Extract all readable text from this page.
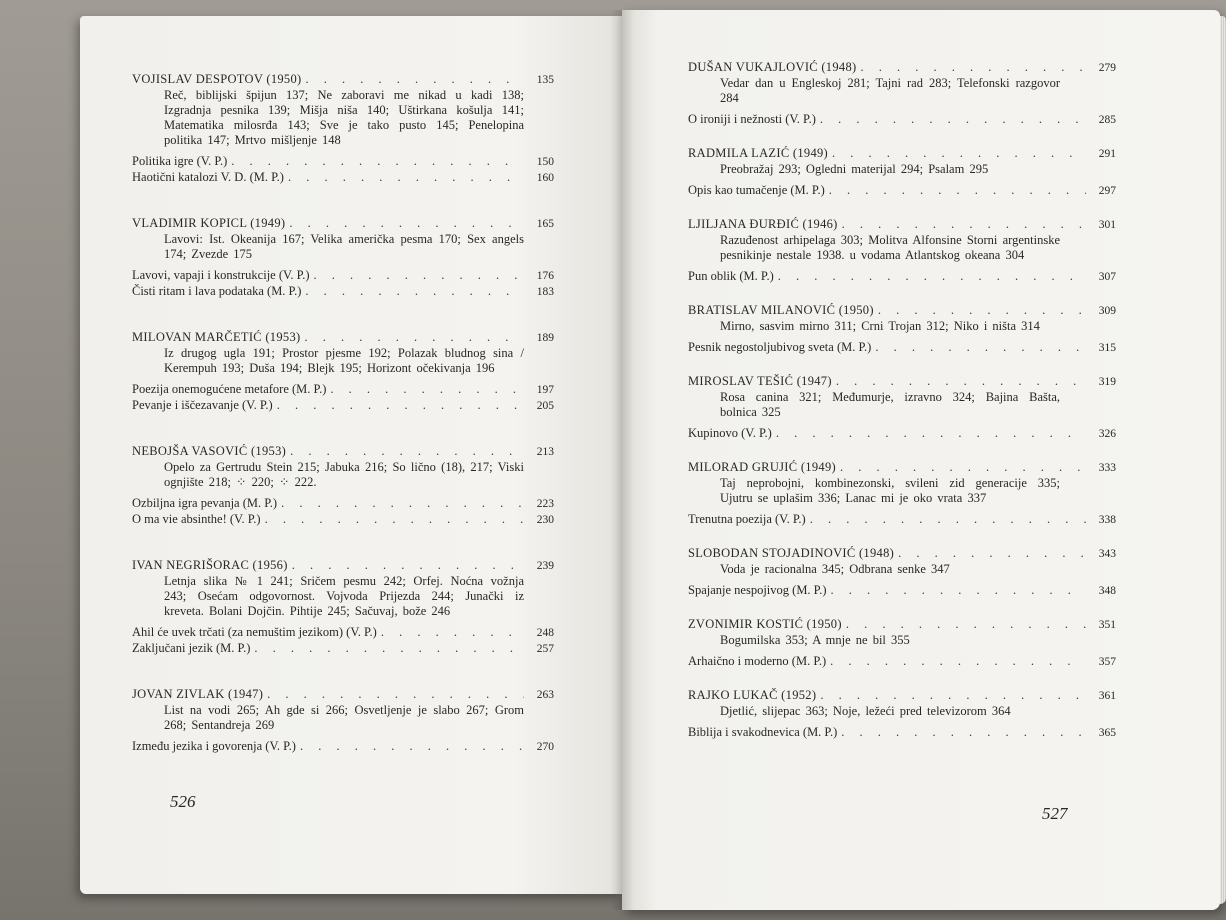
VOJISLAV DESPOTOV (1950) . . .	135
Reč, biblijski špijun 137; Ne zaboravi me nikad u kadi 138; Izgradnja pesnika 139; Mišja niša 140; Uštirkana košulja 141; Matematika milosrđa 143; Sve je tako pusto 145; Penelopina politika 147; Mrtvo mišljenje 148
Politika igre (V. P.) . . .	150
Haotični katalozi V. D. (M. P.) . . .	160
VLADIMIR KOPICL (1949) . . .	165
Lavovi: Ist. Okeanija 167; Velika američka pesma 170; Sex angels 174; Zvezde 175
Lavovi, vapaji i konstrukcije (V. P.) . . .	176
Čisti ritam i lava podataka (M. P.) . . .	183
MILOVAN MARČETIĆ (1953) . . .	189
Iz drugog ugla 191; Prostor pjesme 192; Polazak bludnog sina / Kerempuh 193; Duša 194; Blejk 195; Horizont očekivanja 196
Poezija onemogućene metafore (M. P.) . . .	197
Pevanje i iščezavanje (V. P.) . . .	205
NEBOJŠA VASOVIĆ (1953) . . .	213
Opelo za Gertrudu Stein 215; Jabuka 216; So lično (18), 217; Viski ognjište 218; ⁘ 220; ⁘ 222.
Ozbiljna igra pevanja (M. P.) . . .	223
O ma vie absinthe! (V. P.) . . .	230
IVAN NEGRIŠORAC (1956) . . .	239
Letnja slika № 1 241; Sričem pesmu 242; Orfej. Noćna vožnja 243; Osećam odgovornost. Vojvoda Prijezda 244; Junački iz kreveta. Bolani Dojčin. Pihtije 245; Sačuvaj, bože 246
Ahil će uvek trčati (za nemuštim jezikom) (V. P.) . . .	248
Zaključani jezik (M. P.) . . .	257
JOVAN ZIVLAK (1947) . . .	263
List na vodi 265; Ah gde si 266; Osvetljenje je slabo 267; Grom 268; Sentandreja 269
Između jezika i govorenja (V. P.) . . .	270
526
DUŠAN VUKAJLOVIĆ (1948) . . .	279
Vedar dan u Engleskoj 281; Tajni rad 283; Telefonski razgovor 284
O ironiji i nežnosti (V. P.) . . .	285
RADMILA LAZIĆ (1949) . . .	291
Preobražaj 293; Ogledni materijal 294; Psalam 295
Opis kao tumačenje (M. P.) . . .	297
LJILJANA ĐURĐIĆ (1946) . . .	301
Razuđenost arhipelaga 303; Molitva Alfonsine Storni argentinske pesnikinje nestale 1938. u vodama Atlantskog okeana 304
Pun oblik (M. P.) . . .	307
BRATISLAV MILANOVIĆ (1950) . . .	309
Mirno, sasvim mirno 311; Crni Trojan 312; Niko i ništa 314
Pesnik negostoljubivog sveta (M. P.) . . .	315
MIROSLAV TEŠIĆ (1947) . . .	319
Rosa canina 321; Međumurje, izravno 324; Bajina Bašta, bolnica 325
Kupinovo (V. P.) . . .	326
MILORAD GRUJIĆ (1949) . . .	333
Taj neprobojni, kombinezonski, svileni zid generacije 335; Ujutru se uplašim 336; Lanac mi je oko vrata 337
Trenutna poezija (V. P.) . . .	338
SLOBODAN STOJADINOVIĆ (1948) . . .	343
Voda je racionalna 345; Odbrana senke 347
Spajanje nespojivog (M. P.) . . .	348
ZVONIMIR KOSTIĆ (1950) . . .	351
Bogumilska 353; A mnje ne bil 355
Arhaično i moderno (M. P.) . . .	357
RAJKO LUKAČ (1952) . . .	361
Djetlić, slijepac 363; Noje, ležeći pred televizorom 364
Biblija i svakodnevica (M. P.) . . .	365
527
